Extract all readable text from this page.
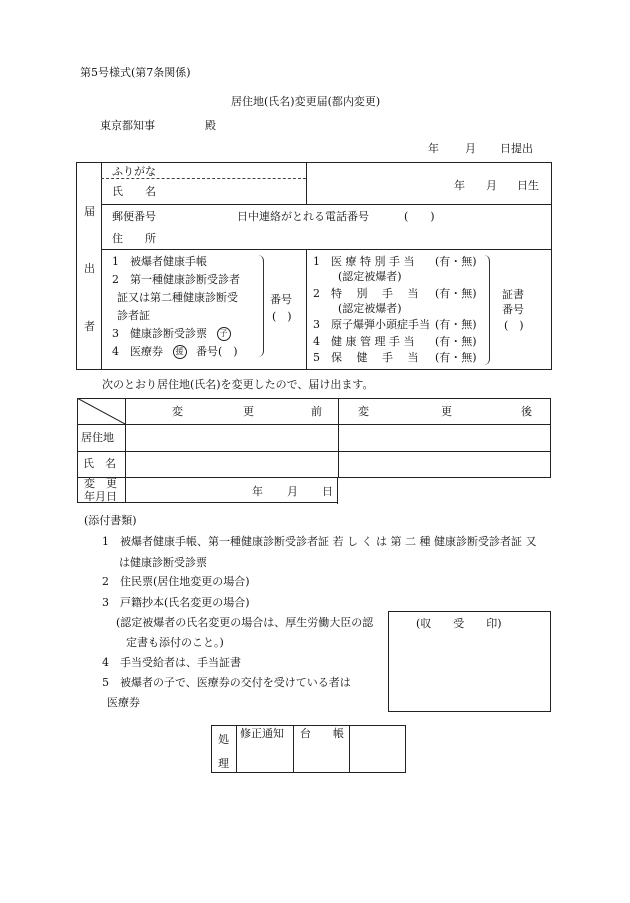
第5号様式(第7条関係)
居住地(氏名)変更届(都内変更)
東京都知事	殿
年 月 日提出
届
出
者
ふりがな
氏　　名	年 月 日生
郵便番号	日中連絡がとれる電話番号	(　　)
住　　所
1　被爆者健康手帳
2　第一種健康診断受診者
証又は第二種健康診断受
診者証
3　健康診断受診票 子
4　医療券 援 番号(　)
番号
(　)
1　医 療 特 別 手 当 (有・無)
(認定被爆者)
2　特　 別　 手　 当 (有・無)
(認定被爆者)
3　原子爆弾小頭症手当 (有・無)
4　健 康 管 理 手 当 (有・無)
5　保　 健　 手　 当 (有・無)
証書
番号
(　)
次のとおり居住地(氏名)を変更したので、届け出ます。
変	更	前	変	更	後
居住地
氏　名
変　更
年月日	年 月 日
(添付書類)
1　被爆者健康手帳、第一種健康診断受診者証 若 し く は 第 二 種 健康診断受診者証 又
は健康診断受診票
2　住民票(居住地変更の場合)
3　戸籍抄本(氏名変更の場合)
(認定被爆者の氏名変更の場合は、厚生労働大臣の認
定書も添付のこと。)
4　手当受給者は、手当証書
5　被爆者の子で、医療券の交付を受けている者は
医療券
(収　　受　　印)
処
理
修正通知 台　　帳
